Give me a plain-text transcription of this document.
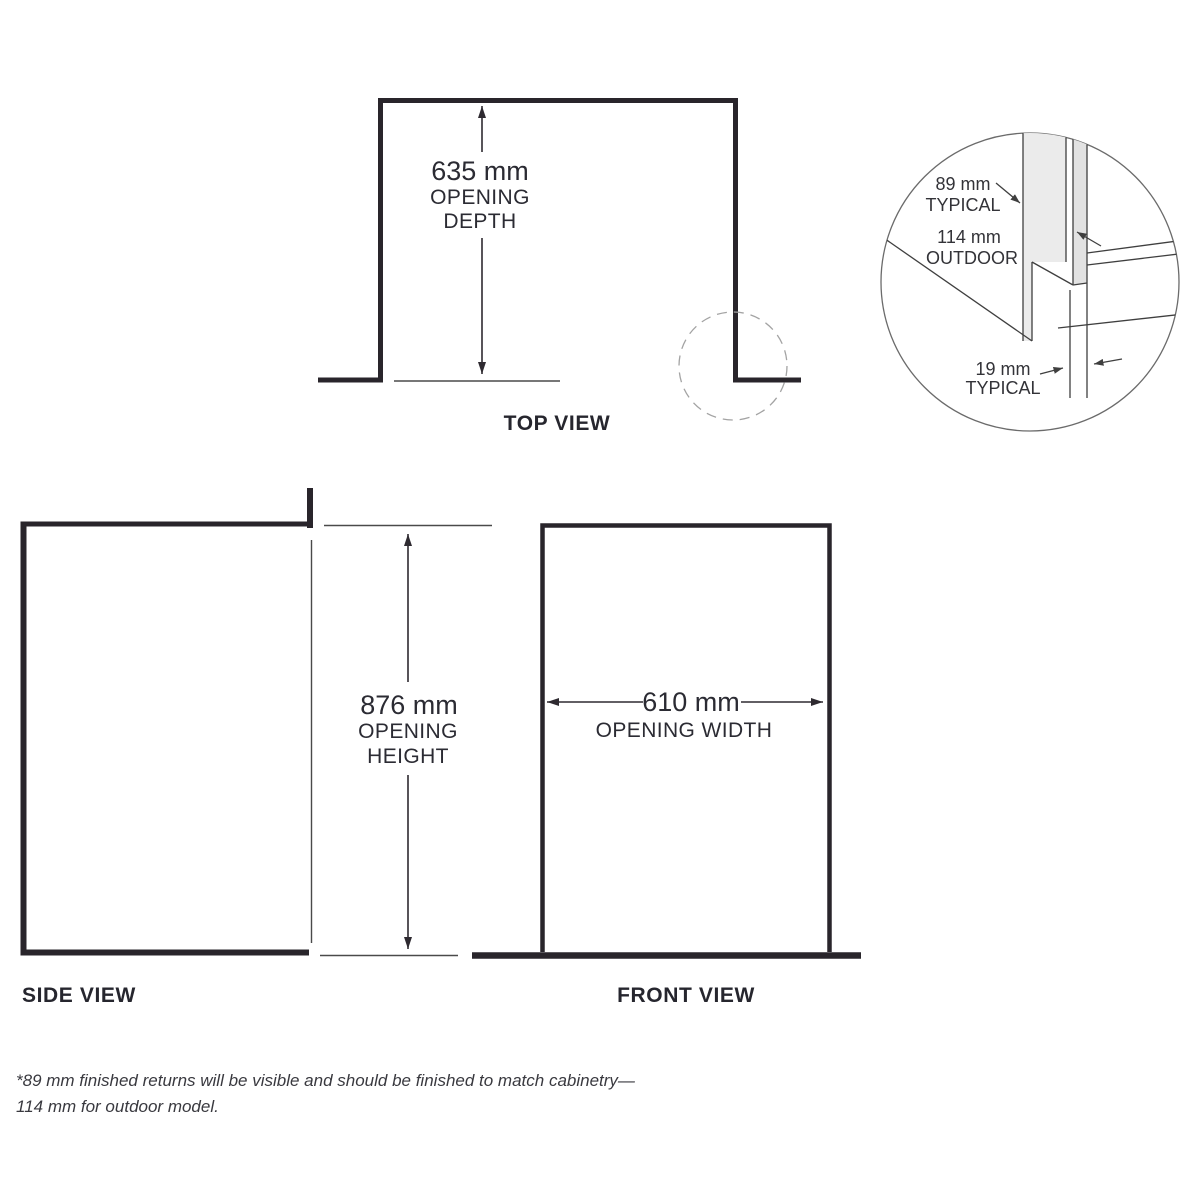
635 mm
OPENING
DEPTH
TOP VIEW
89 mm
TYPICAL
114 mm
OUTDOOR
19 mm
TYPICAL
876 mm
OPENING
HEIGHT
SIDE VIEW
610 mm
OPENING WIDTH
FRONT VIEW
*89 mm finished returns will be visible and should be finished to match cabinetry—
114 mm for outdoor model.
